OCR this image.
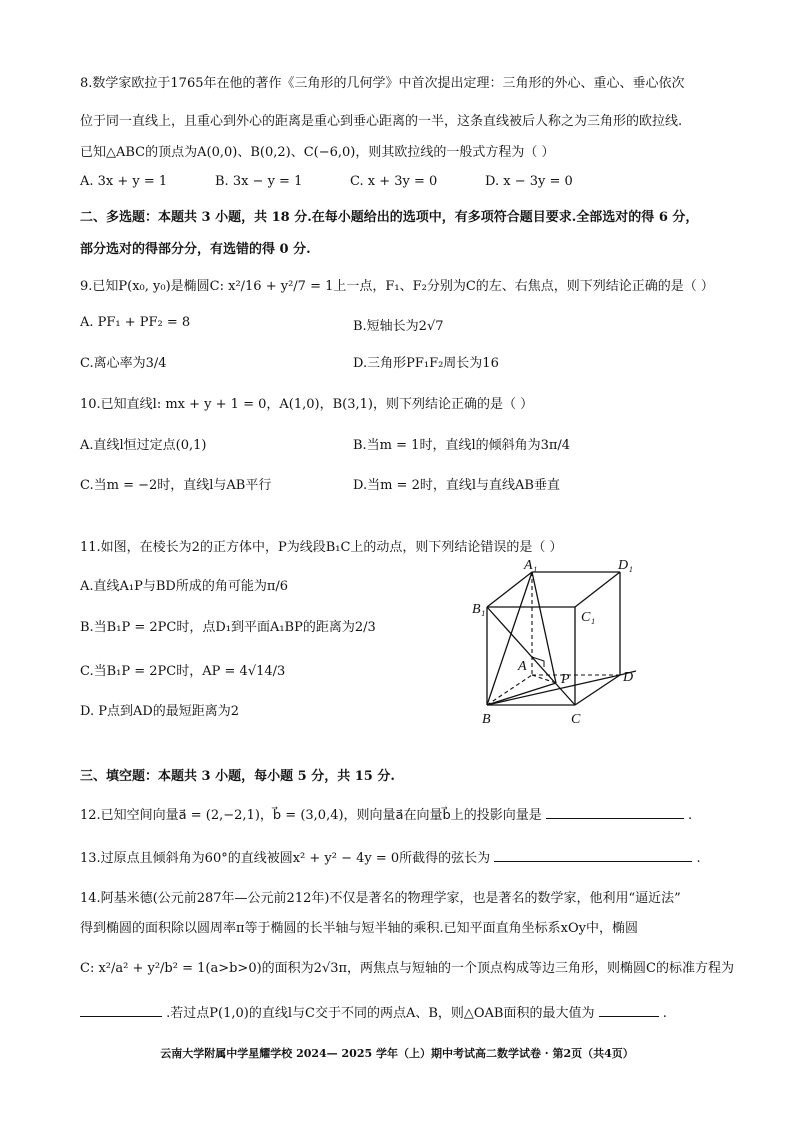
8.数学家欧拉于1765年在他的著作《三角形的几何学》中首次提出定理：三角形的外心、重心、垂心依次
位于同一直线上，且重心到外心的距离是重心到垂心距离的一半，这条直线被后人称之为三角形的欧拉线.
已知△ABC的顶点为A(0,0)、B(0,2)、C(−6,0)，则其欧拉线的一般式方程为（ ）
A. 3x + y = 1	B. 3x − y = 1	C. x + 3y = 0	D. x − 3y = 0
二、多选题：本题共 3 小题，共 18 分.在每小题给出的选项中，有多项符合题目要求.全部选对的得 6 分，
部分选对的得部分分，有选错的得 0 分.
9.已知P(x₀, y₀)是椭圆C: x²/16 + y²/7 = 1上一点，F₁、F₂分别为C的左、右焦点，则下列结论正确的是（ ）
A. PF₁ + PF₂ = 8	B.短轴长为2√7
C.离心率为3/4	D.三角形PF₁F₂周长为16
10.已知直线l: mx + y + 1 = 0，A(1,0)，B(3,1)，则下列结论正确的是（ ）
A.直线l恒过定点(0,1)	B.当m = 1时，直线l的倾斜角为3π/4
C.当m = −2时，直线l与AB平行	D.当m = 2时，直线l与直线AB垂直
11.如图，在棱长为2的正方体中，P为线段B₁C上的动点，则下列结论错误的是（ ）
A.直线A₁P与BD所成的角可能为π/6
B.当B₁P = 2PC时，点D₁到平面A₁BP的距离为2/3
C.当B₁P = 2PC时，AP = 4√14/3
D. P点到AD的最短距离为2
A₁	D₁
B₁
C₁
A
P	D
B	C
三、填空题：本题共 3 小题，每小题 5 分，共 15 分.
12.已知空间向量a⃗ = (2,−2,1)，b⃗ = (3,0,4)，则向量a⃗在向量b⃗上的投影向量是	.
13.过原点且倾斜角为60°的直线被圆x² + y² − 4y = 0所截得的弦长为	.
14.阿基米德(公元前287年—公元前212年)不仅是著名的物理学家，也是著名的数学家，他利用“逼近法”
得到椭圆的面积除以圆周率π等于椭圆的长半轴与短半轴的乘积.已知平面直角坐标系xOy中，椭圆
C: x²/a² + y²/b² = 1(a>b>0)的面积为2√3π，两焦点与短轴的一个顶点构成等边三角形，则椭圆C的标准方程为
.若过点P(1,0)的直线l与C交于不同的两点A、B，则△OAB面积的最大值为	.
云南大学附属中学星耀学校 2024— 2025 学年（上）期中考试高二数学试卷 · 第2页（共4页）
